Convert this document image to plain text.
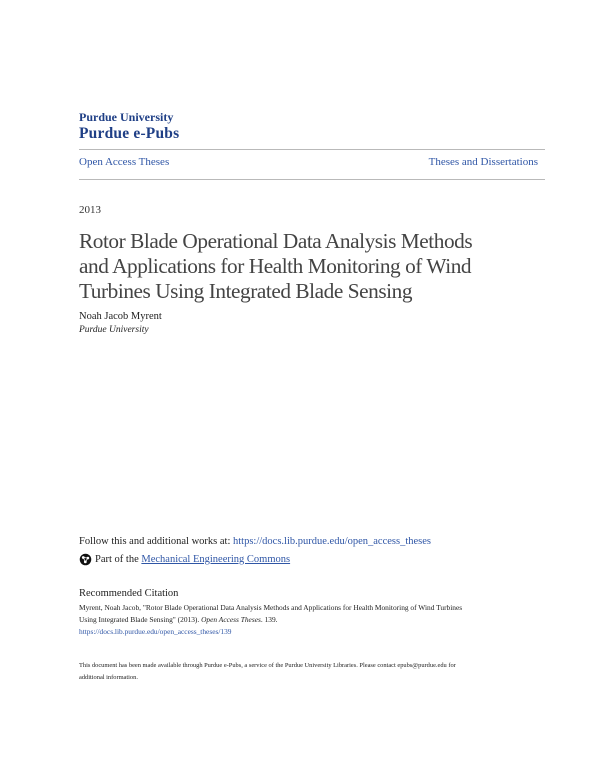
Purdue University
Purdue e-Pubs
Open Access Theses	Theses and Dissertations
2013
Rotor Blade Operational Data Analysis Methods
and Applications for Health Monitoring of Wind
Turbines Using Integrated Blade Sensing
Noah Jacob Myrent
Purdue University
Follow this and additional works at: https://docs.lib.purdue.edu/open_access_theses
Part of the Mechanical Engineering Commons
Recommended Citation
Myrent, Noah Jacob, "Rotor Blade Operational Data Analysis Methods and Applications for Health Monitoring of Wind Turbines
Using Integrated Blade Sensing" (2013). Open Access Theses. 139.
https://docs.lib.purdue.edu/open_access_theses/139
This document has been made available through Purdue e-Pubs, a service of the Purdue University Libraries. Please contact epubs@purdue.edu for
additional information.
